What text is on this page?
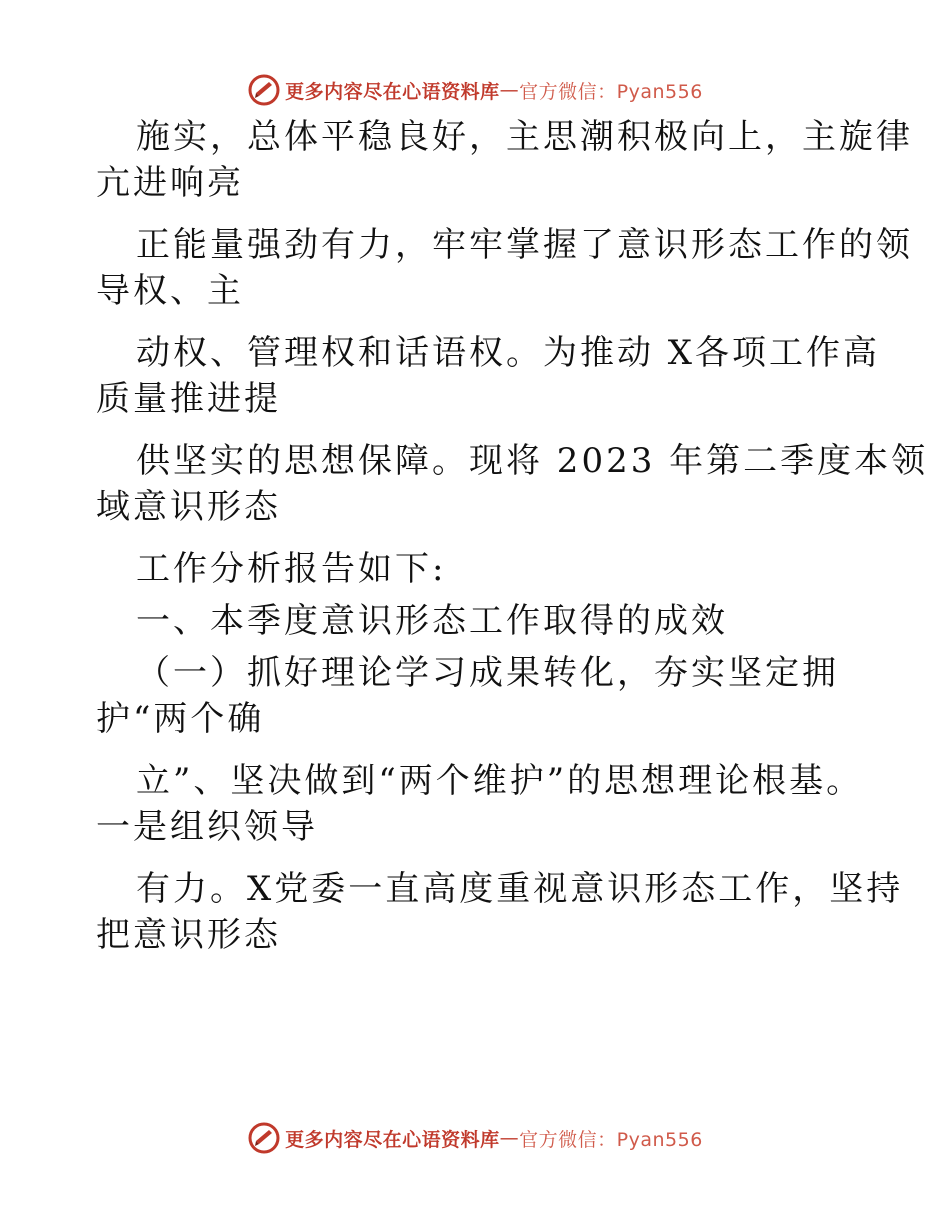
更多内容尽在心语资料库 — 官方微信：Pyan556
施实，总体平稳良好，主思潮积极向上，主旋律
亢进响亮
正能量强劲有力，牢牢掌握了意识形态工作的领
导权、主
动权、管理权和话语权。为推动 X各项工作高
质量推进提
供坚实的思想保障。现将 2023 年第二季度本领
域意识形态
工作分析报告如下:
一、本季度意识形态工作取得的成效
（一）抓好理论学习成果转化，夯实坚定拥
护“两个确
立”、坚决做到“两个维护”的思想理论根基。
一是组织领导
有力。X党委一直高度重视意识形态工作，坚持
把意识形态
更多内容尽在心语资料库 — 官方微信：Pyan556
